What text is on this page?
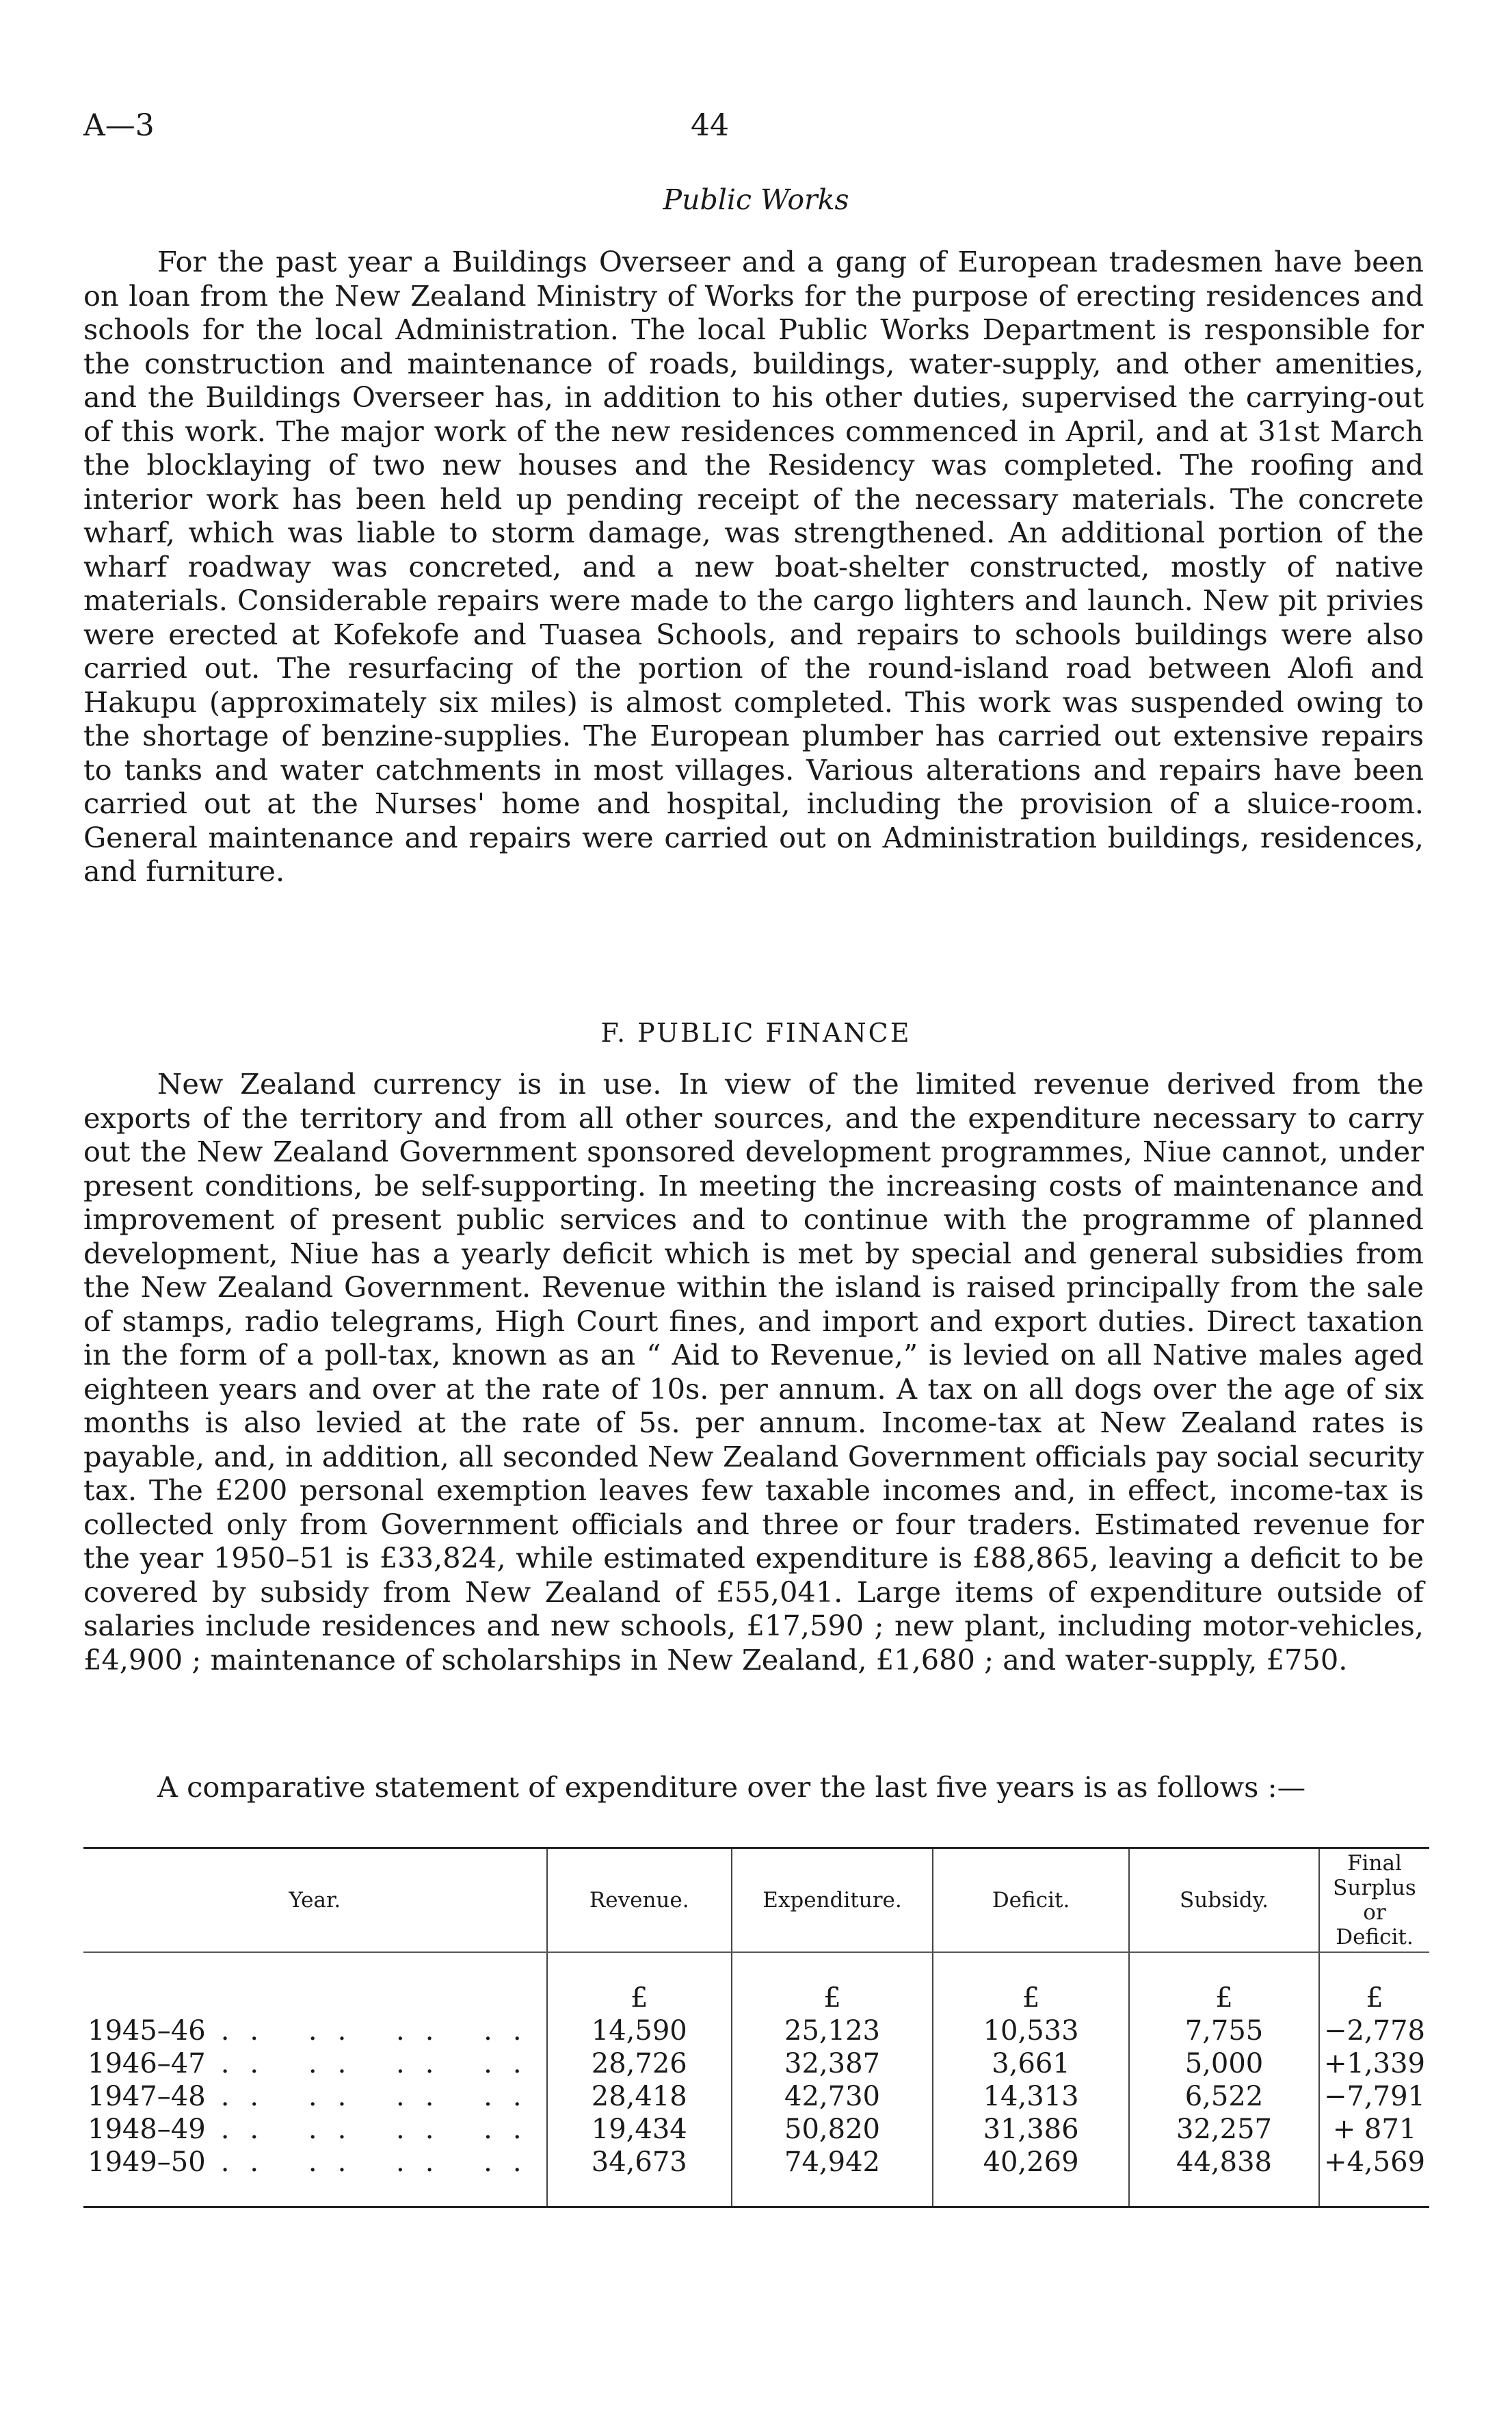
A—3	44
Public Works

For the past year a Buildings Overseer and a gang of European tradesmen have been on loan from the New Zealand Ministry of Works for the purpose of erecting residences and schools for the local Administration. The local Public Works Department is responsible for the construction and maintenance of roads, buildings, water-supply, and other amenities, and the Buildings Overseer has, in addition to his other duties, supervised the carrying-out of this work. The major work of the new residences commenced in April, and at 31st March the blocklaying of two new houses and the Residency was completed. The roofing and interior work has been held up pending receipt of the necessary materials. The concrete wharf, which was liable to storm damage, was strengthened. An additional portion of the wharf roadway was concreted, and a new boat-shelter constructed, mostly of native materials. Considerable repairs were made to the cargo lighters and launch. New pit privies were erected at Kofekofe and Tuasea Schools, and repairs to schools buildings were also carried out. The resurfacing of the portion of the round-island road between Alofi and Hakupu (approximately six miles) is almost completed. This work was suspended owing to the shortage of benzine-supplies. The European plumber has carried out extensive repairs to tanks and water catchments in most villages. Various alterations and repairs have been carried out at the Nurses' home and hospital, including the provision of a sluice-room. General maintenance and repairs were carried out on Administration buildings, residences, and furniture.

F. PUBLIC FINANCE

New Zealand currency is in use. In view of the limited revenue derived from the exports of the territory and from all other sources, and the expenditure necessary to carry out the New Zealand Government sponsored development programmes, Niue cannot, under present conditions, be self-supporting. In meeting the increasing costs of maintenance and improvement of present public services and to continue with the programme of planned development, Niue has a yearly deficit which is met by special and general subsidies from the New Zealand Government. Revenue within the island is raised principally from the sale of stamps, radio telegrams, High Court fines, and import and export duties. Direct taxation in the form of a poll-tax, known as an “ Aid to Revenue,” is levied on all Native males aged eighteen years and over at the rate of 10s. per annum. A tax on all dogs over the age of six months is also levied at the rate of 5s. per annum. Income-tax at New Zealand rates is payable, and, in addition, all seconded New Zealand Government officials pay social security tax. The £200 personal exemption leaves few taxable incomes and, in effect, income-tax is collected only from Government officials and three or four traders. Estimated revenue for the year 1950–51 is £33,824, while estimated expenditure is £88,865, leaving a deficit to be covered by subsidy from New Zealand of £55,041. Large items of expenditure outside of salaries include residences and new schools, £17,590 ; new plant, including motor-vehicles, £4,900 ; maintenance of scholarships in New Zealand, £1,680 ; and water-supply, £750.

A comparative statement of expenditure over the last five years is as follows :—

Year.	Revenue.	Expenditure.	Deficit.	Subsidy.	Final Surplus or Deficit.
	£	£	£	£	£
1945–46 .. .. .. ..	14,590	25,123	10,533	7,755	−2,778
1946–47 .. .. .. ..	28,726	32,387	3,661	5,000	+1,339
1947–48 .. .. .. ..	28,418	42,730	14,313	6,522	−7,791
1948–49 .. .. .. ..	19,434	50,820	31,386	32,257	+ 871
1949–50 .. .. .. ..	34,673	74,942	40,269	44,838	+4,569
